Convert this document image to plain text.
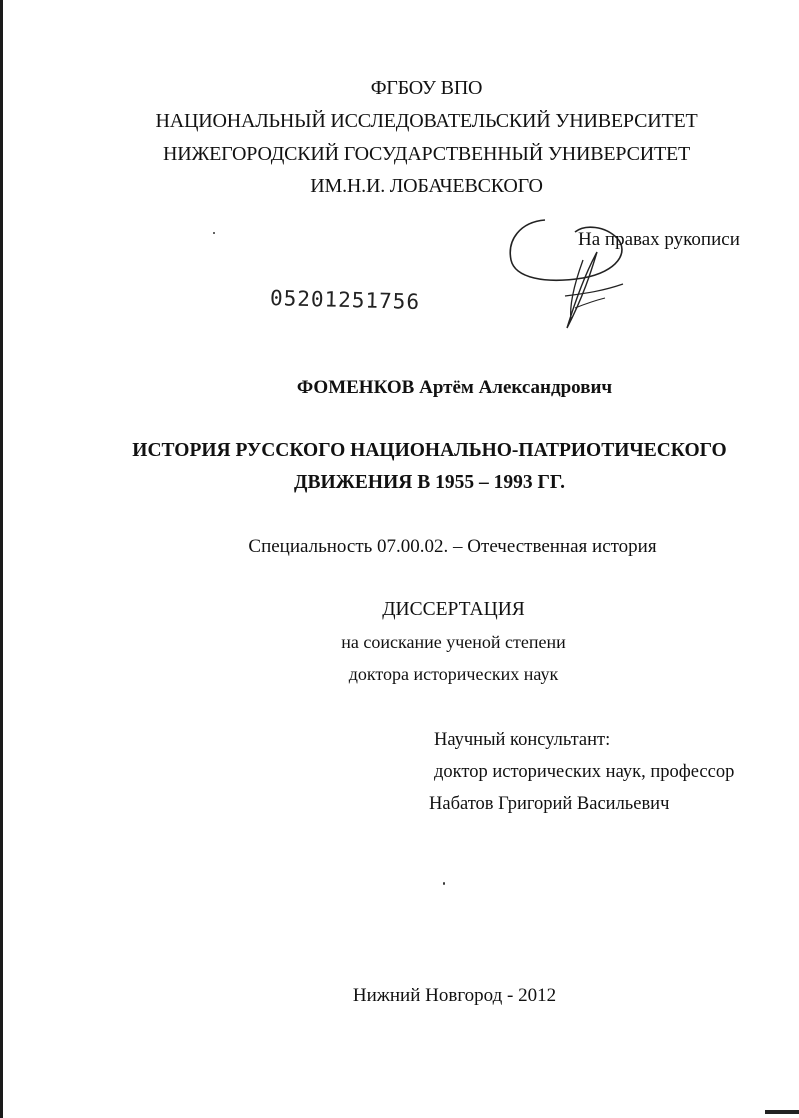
ФГБОУ ВПО
НАЦИОНАЛЬНЫЙ ИССЛЕДОВАТЕЛЬСКИЙ УНИВЕРСИТЕТ
НИЖЕГОРОДСКИЙ ГОСУДАРСТВЕННЫЙ УНИВЕРСИТЕТ
ИМ.Н.И. ЛОБАЧЕВСКОГО
На правах рукописи
05201251756
ФОМЕНКОВ Артём Александрович
ИСТОРИЯ РУССКОГО НАЦИОНАЛЬНО-ПАТРИОТИЧЕСКОГО
ДВИЖЕНИЯ В 1955 – 1993 ГГ.
Специальность 07.00.02. – Отечественная история
ДИССЕРТАЦИЯ
на соискание ученой степени
доктора исторических наук
Научный консультант:
доктор исторических наук, профессор
Набатов Григорий Васильевич
Нижний Новгород - 2012
